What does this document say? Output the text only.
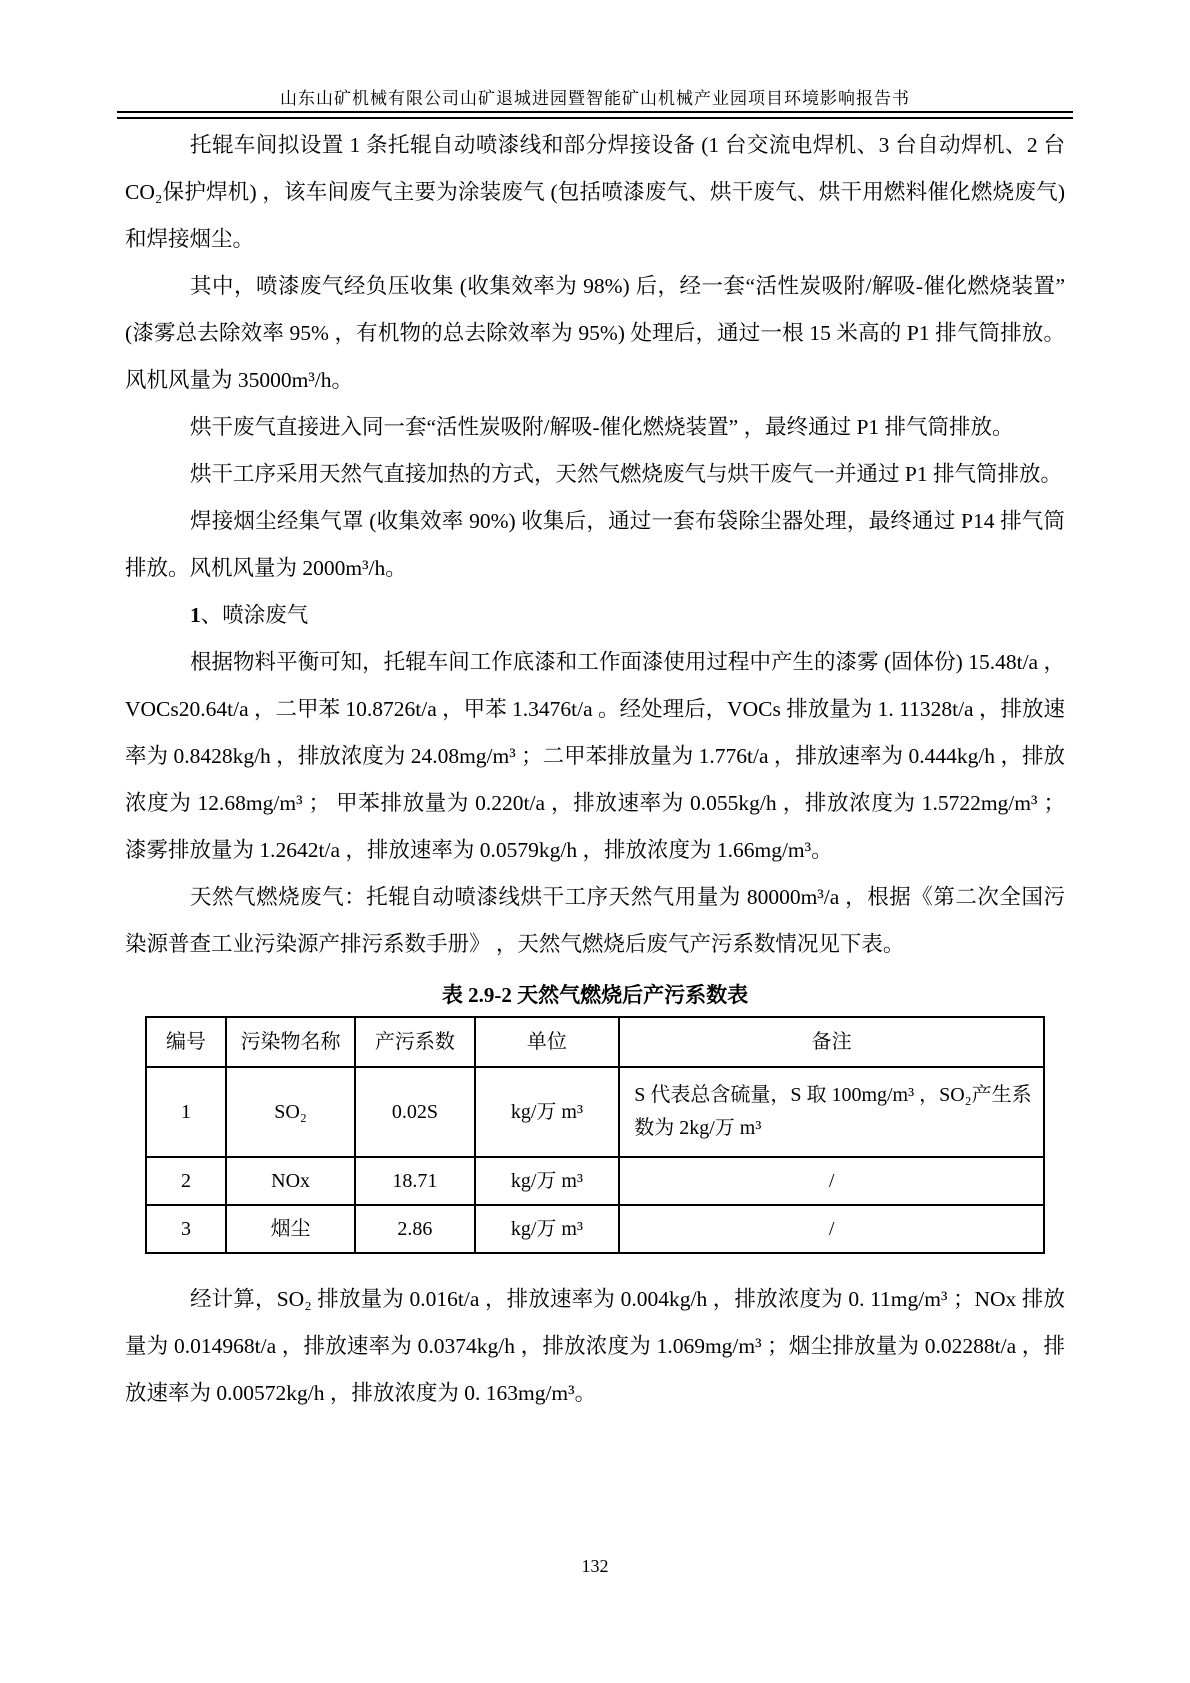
山东山矿机械有限公司山矿退城进园暨智能矿山机械产业园项目环境影响报告书

托辊车间拟设置 1 条托辊自动喷漆线和部分焊接设备 (1 台交流电焊机、3 台自动焊机、2 台 CO₂保护焊机) ，该车间废气主要为涂装废气 (包括喷漆废气、烘干废气、烘干用燃料催化燃烧废气) 和焊接烟尘。

其中，喷漆废气经负压收集 (收集效率为 98%) 后，经一套“活性炭吸附/解吸-催化燃烧装置” (漆雾总去除效率 95% ，有机物的总去除效率为 95%) 处理后，通过一根 15 米高的 P1 排气筒排放。风机风量为 35000m³/h。

烘干废气直接进入同一套“活性炭吸附/解吸-催化燃烧装置” ，最终通过 P1 排气筒排放。

烘干工序采用天然气直接加热的方式，天然气燃烧废气与烘干废气一并通过 P1 排气筒排放。

焊接烟尘经集气罩 (收集效率 90%) 收集后，通过一套布袋除尘器处理，最终通过 P14 排气筒排放。风机风量为 2000m³/h。

1、喷涂废气

根据物料平衡可知，托辊车间工作底漆和工作面漆使用过程中产生的漆雾 (固体份) 15.48t/a ，VOCs20.64t/a ，二甲苯 10.8726t/a ，甲苯 1.3476t/a 。经处理后，VOCs 排放量为 1. 11328t/a ，排放速率为 0.8428kg/h ，排放浓度为 24.08mg/m³ ；二甲苯排放量为 1.776t/a ，排放速率为 0.444kg/h ，排放浓度为 12.68mg/m³ ； 甲苯排放量为 0.220t/a ，排放速率为 0.055kg/h ，排放浓度为 1.5722mg/m³ ；漆雾排放量为 1.2642t/a ，排放速率为 0.0579kg/h ，排放浓度为 1.66mg/m³。

天然气燃烧废气：托辊自动喷漆线烘干工序天然气用量为 80000m³/a ，根据《第二次全国污染源普查工业污染源产排污系数手册》 ，天然气燃烧后废气产污系数情况见下表。

表 2.9-2 天然气燃烧后产污系数表

编号	污染物名称	产污系数	单位	备注
1	SO₂	0.02S	kg/万 m³	S 代表总含硫量，S 取 100mg/m³ ，SO₂产生系数为 2kg/万 m³
2	NOx	18.71	kg/万 m³	/
3	烟尘	2.86	kg/万 m³	/

经计算，SO₂ 排放量为 0.016t/a ，排放速率为 0.004kg/h ，排放浓度为 0. 11mg/m³ ；NOx 排放量为 0.014968t/a ，排放速率为 0.0374kg/h ，排放浓度为 1.069mg/m³ ；烟尘排放量为 0.02288t/a ，排放速率为 0.00572kg/h ，排放浓度为 0. 163mg/m³。

132
